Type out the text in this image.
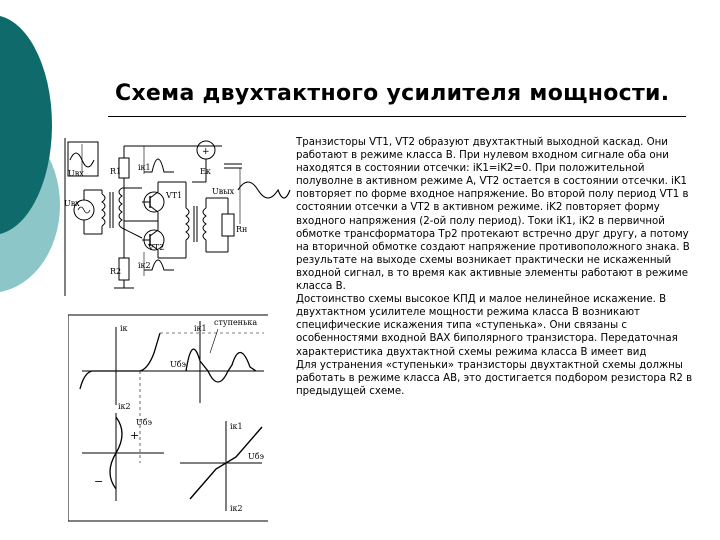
Схема двухтактного усилителя мощности.

Транзисторы VT1, VT2 образуют двухтактный выходной каскад. Они работают в режиме класса В. При нулевом входном сигнале оба они находятся в состоянии отсечки: iK1=iK2=0. При положительной полуволне в активном режиме А, VT2 остается в состоянии отсечки. iK1 повторяет по форме входное напряжение. Во второй полу период VT1 в состоянии отсечки а VT2 в активном режиме. iK2 повторяет форму входного напряжения (2-ой полу период). Токи iK1, iK2 в первичной обмотке трансформатора Тр2 протекают встречно друг другу, а потому на вторичной обмотке создают напряжение противоположного знака. В результате на выходе схемы возникает практически не искаженный входной сигнал, в то время как активные элементы работают в режиме класса В.

Достоинство схемы высокое КПД и малое нелинейное искажение. В двухтактном усилителе мощности режима класса В возникают специфические искажения типа «ступенька». Они связаны с особенностями входной ВАХ биполярного транзистора. Передаточная характеристика двухтактной схемы режима класса В имеет вид

Для устранения «ступеньки» транзисторы двухтактной схемы должны работать в режиме класса АВ, это достигается подбором резистора R2 в предыдущей схеме.

Uвх
Uвх
R1
R2
iк1
VT1
VT2
iк2
+
Eк
Rн
Uвых
iк
Uбэ
iк2
Uбэ
iк1
ступенька
+
−
iк1
Uбэ
iк2
